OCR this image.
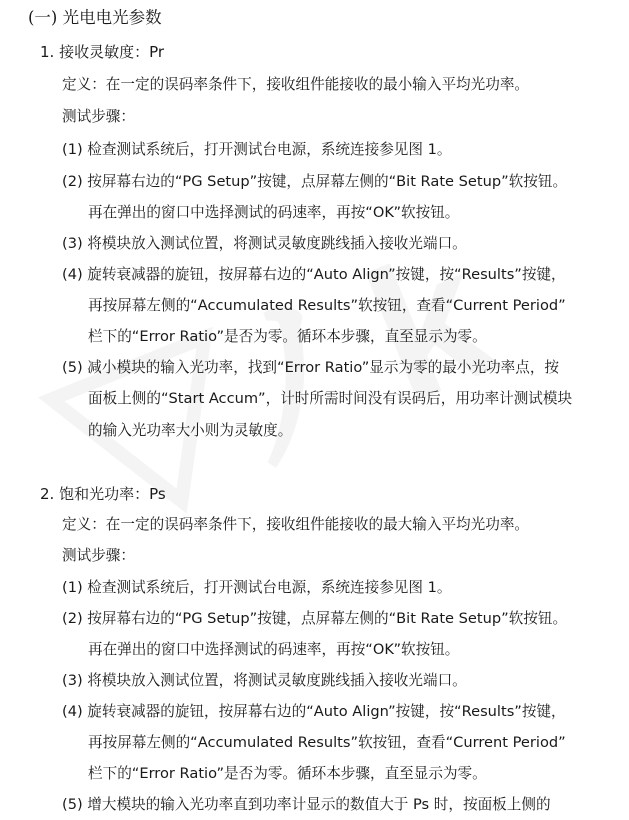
(一) 光电电光参数
1. 接收灵敏度：Pr
定义：在一定的误码率条件下，接收组件能接收的最小输入平均光功率。
测试步骤：
(1) 检查测试系统后，打开测试台电源，系统连接参见图 1。
(2) 按屏幕右边的“PG Setup”按键，点屏幕左侧的“Bit Rate Setup”软按钮。
再在弹出的窗口中选择测试的码速率，再按“OK”软按钮。
(3) 将模块放入测试位置，将测试灵敏度跳线插入接收光端口。
(4) 旋转衰减器的旋钮，按屏幕右边的“Auto Align”按键，按“Results”按键，
再按屏幕左侧的“Accumulated Results”软按钮，查看“Current Period”
栏下的“Error Ratio”是否为零。循环本步骤，直至显示为零。
(5) 减小模块的输入光功率，找到“Error Ratio”显示为零的最小光功率点，按
面板上侧的“Start Accum”，计时所需时间没有误码后，用功率计测试模块
的输入光功率大小则为灵敏度。
2. 饱和光功率：Ps
定义：在一定的误码率条件下，接收组件能接收的最大输入平均光功率。
测试步骤：
(1) 检查测试系统后，打开测试台电源，系统连接参见图 1。
(2) 按屏幕右边的“PG Setup”按键，点屏幕左侧的“Bit Rate Setup”软按钮。
再在弹出的窗口中选择测试的码速率，再按“OK”软按钮。
(3) 将模块放入测试位置，将测试灵敏度跳线插入接收光端口。
(4) 旋转衰减器的旋钮，按屏幕右边的“Auto Align”按键，按“Results”按键，
再按屏幕左侧的“Accumulated Results”软按钮，查看“Current Period”
栏下的“Error Ratio”是否为零。循环本步骤，直至显示为零。
(5) 增大模块的输入光功率直到功率计显示的数值大于 Ps 时，按面板上侧的
